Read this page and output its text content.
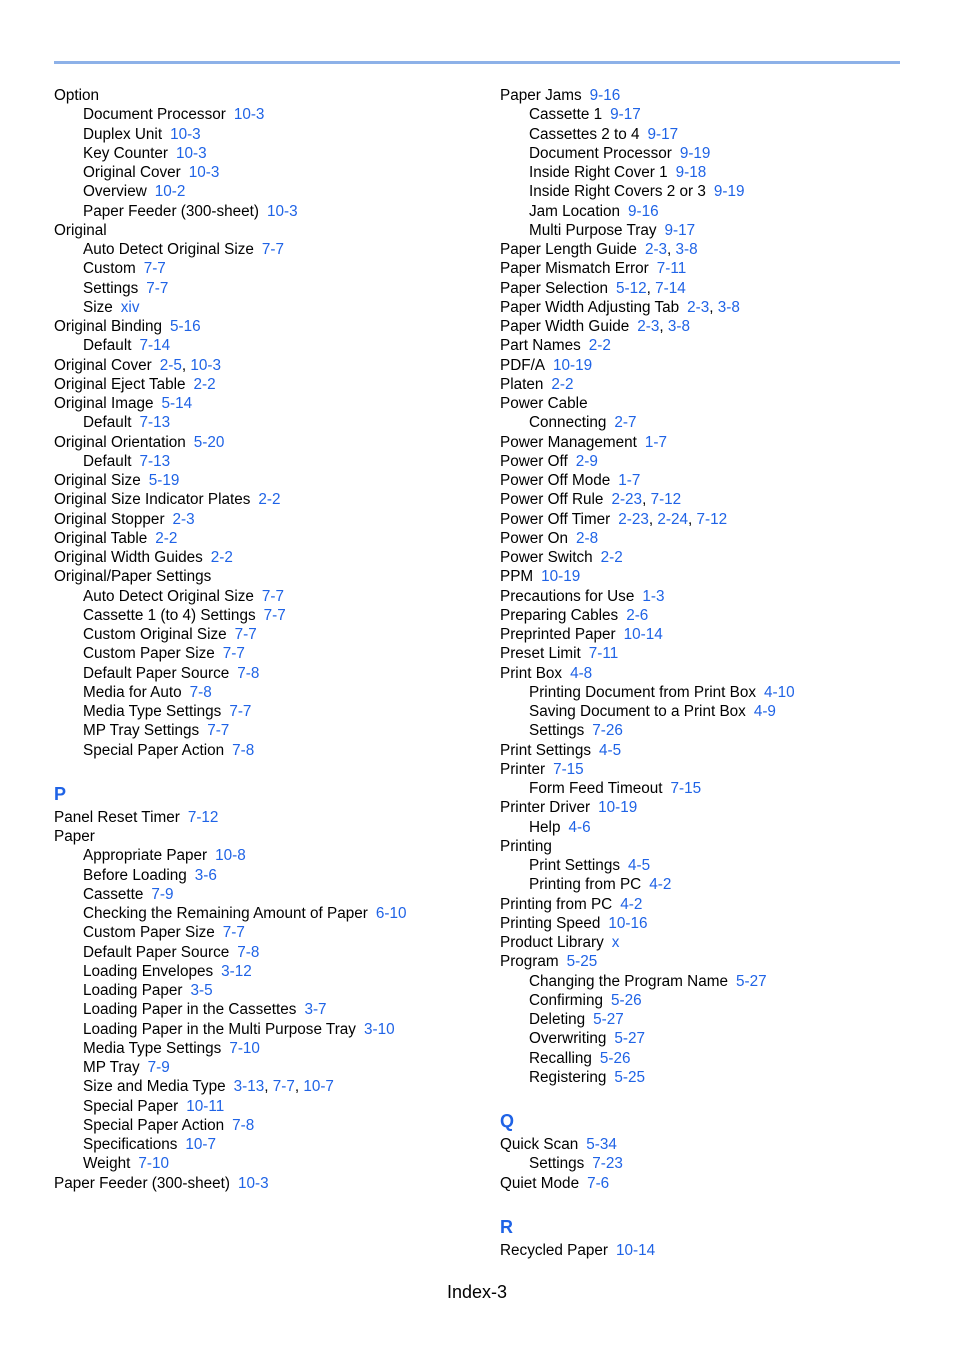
Option
Document Processor 10-3
Duplex Unit 10-3
Key Counter 10-3
Original Cover 10-3
Overview 10-2
Paper Feeder (300-sheet) 10-3
Original
Auto Detect Original Size 7-7
Custom 7-7
Settings 7-7
Size xiv
Original Binding 5-16
Default 7-14
Original Cover 2-5, 10-3
Original Eject Table 2-2
Original Image 5-14
Default 7-13
Original Orientation 5-20
Default 7-13
Original Size 5-19
Original Size Indicator Plates 2-2
Original Stopper 2-3
Original Table 2-2
Original Width Guides 2-2
Original/Paper Settings
Auto Detect Original Size 7-7
Cassette 1 (to 4) Settings 7-7
Custom Original Size 7-7
Custom Paper Size 7-7
Default Paper Source 7-8
Media for Auto 7-8
Media Type Settings 7-7
MP Tray Settings 7-7
Special Paper Action 7-8
P
Panel Reset Timer 7-12
Paper
Appropriate Paper 10-8
Before Loading 3-6
Cassette 7-9
Checking the Remaining Amount of Paper 6-10
Custom Paper Size 7-7
Default Paper Source 7-8
Loading Envelopes 3-12
Loading Paper 3-5
Loading Paper in the Cassettes 3-7
Loading Paper in the Multi Purpose Tray 3-10
Media Type Settings 7-10
MP Tray 7-9
Size and Media Type 3-13, 7-7, 10-7
Special Paper 10-11
Special Paper Action 7-8
Specifications 10-7
Weight 7-10
Paper Feeder (300-sheet) 10-3
Paper Jams 9-16
Cassette 1 9-17
Cassettes 2 to 4 9-17
Document Processor 9-19
Inside Right Cover 1 9-18
Inside Right Covers 2 or 3 9-19
Jam Location 9-16
Multi Purpose Tray 9-17
Paper Length Guide 2-3, 3-8
Paper Mismatch Error 7-11
Paper Selection 5-12, 7-14
Paper Width Adjusting Tab 2-3, 3-8
Paper Width Guide 2-3, 3-8
Part Names 2-2
PDF/A 10-19
Platen 2-2
Power Cable
Connecting 2-7
Power Management 1-7
Power Off 2-9
Power Off Mode 1-7
Power Off Rule 2-23, 7-12
Power Off Timer 2-23, 2-24, 7-12
Power On 2-8
Power Switch 2-2
PPM 10-19
Precautions for Use 1-3
Preparing Cables 2-6
Preprinted Paper 10-14
Preset Limit 7-11
Print Box 4-8
Printing Document from Print Box 4-10
Saving Document to a Print Box 4-9
Settings 7-26
Print Settings 4-5
Printer 7-15
Form Feed Timeout 7-15
Printer Driver 10-19
Help 4-6
Printing
Print Settings 4-5
Printing from PC 4-2
Printing from PC 4-2
Printing Speed 10-16
Product Library x
Program 5-25
Changing the Program Name 5-27
Confirming 5-26
Deleting 5-27
Overwriting 5-27
Recalling 5-26
Registering 5-25
Q
Quick Scan 5-34
Settings 7-23
Quiet Mode 7-6
R
Recycled Paper 10-14
Index-3
